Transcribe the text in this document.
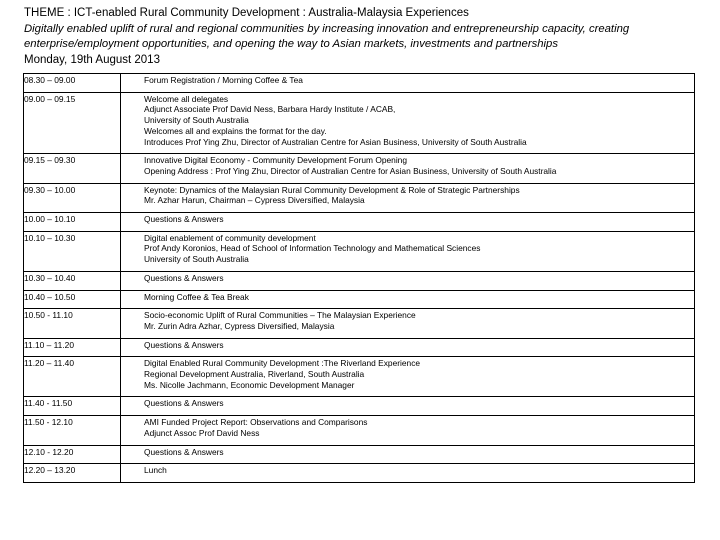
THEME : ICT-enabled Rural Community Development : Australia-Malaysia Experiences
Digitally enabled uplift of rural and regional communities by increasing innovation and entrepreneurship capacity, creating enterprise/employment opportunities, and opening the way to Asian markets, investments and partnerships
Monday, 19th August 2013
08.30 – 09.00	Forum Registration / Morning Coffee & Tea

09.00 – 09.15	Welcome all delegates
Adjunct Associate Prof David Ness, Barbara Hardy Institute / ACAB,
University of South Australia
Welcomes all and explains the format for the day.
Introduces Prof Ying Zhu, Director of Australian Centre for Asian Business, University of South Australia

09.15 – 09.30	Innovative Digital Economy - Community Development Forum Opening
Opening Address : Prof Ying Zhu, Director of Australian Centre for Asian Business, University of South Australia

09.30 – 10.00	Keynote: Dynamics of the Malaysian Rural Community Development & Role of Strategic Partnerships
Mr. Azhar Harun, Chairman – Cypress Diversified, Malaysia

10.00 – 10.10	Questions & Answers

10.10 – 10.30	Digital enablement of community development
Prof Andy Koronios, Head of School of Information Technology and Mathematical Sciences
University of South Australia

10.30 – 10.40	Questions & Answers

10.40 – 10.50	Morning Coffee & Tea Break

10.50 - 11.10	Socio-economic Uplift of Rural Communities – The Malaysian Experience
Mr. Zurin Adra Azhar, Cypress Diversified, Malaysia

11.10 – 11.20	Questions & Answers

11.20 – 11.40	Digital Enabled Rural Community Development :The Riverland Experience
Regional Development Australia, Riverland, South Australia
Ms. Nicolle Jachmann, Economic Development Manager

11.40 - 11.50	Questions & Answers

11.50 - 12.10	AMI Funded Project Report: Observations and Comparisons
Adjunct Assoc Prof David Ness

12.10 - 12.20	Questions & Answers

12.20 – 13.20	Lunch
